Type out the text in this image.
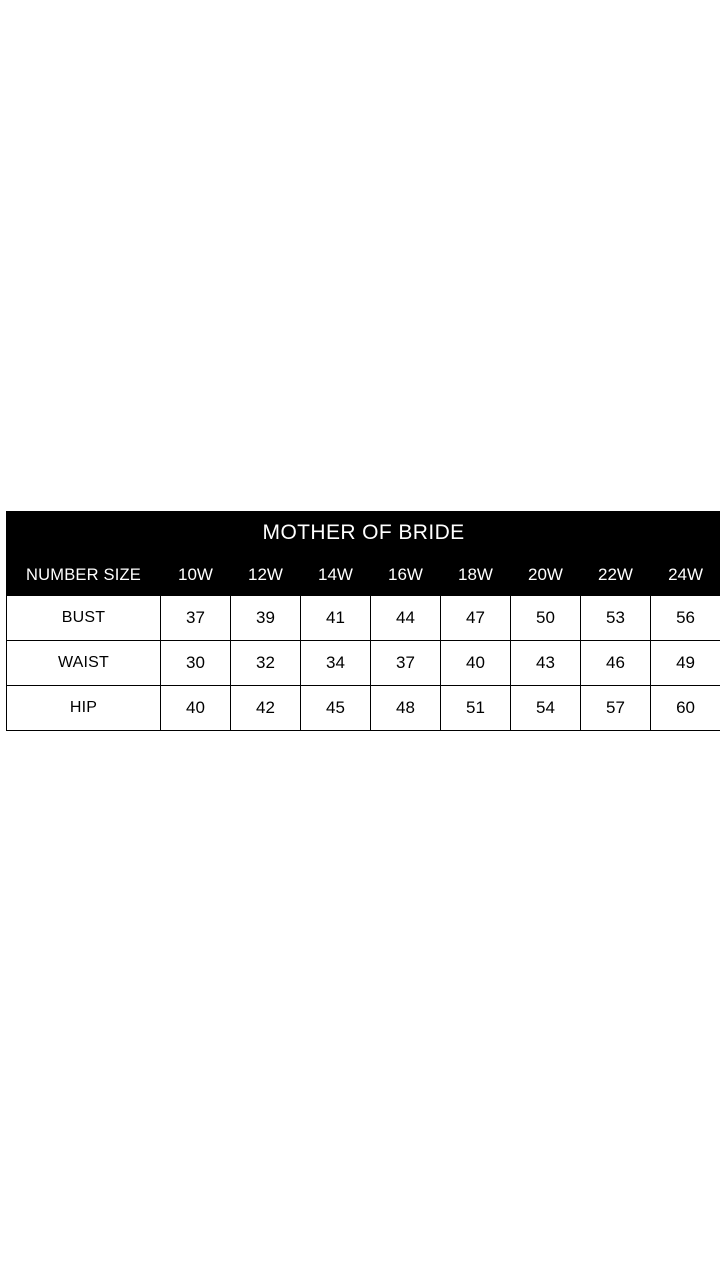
MOTHER OF BRIDE								
NUMBER SIZE	10W	12W	14W	16W	18W	20W	22W	24W
BUST	37	39	41	44	47	50	53	56
WAIST	30	32	34	37	40	43	46	49
HIP	40	42	45	48	51	54	57	60
